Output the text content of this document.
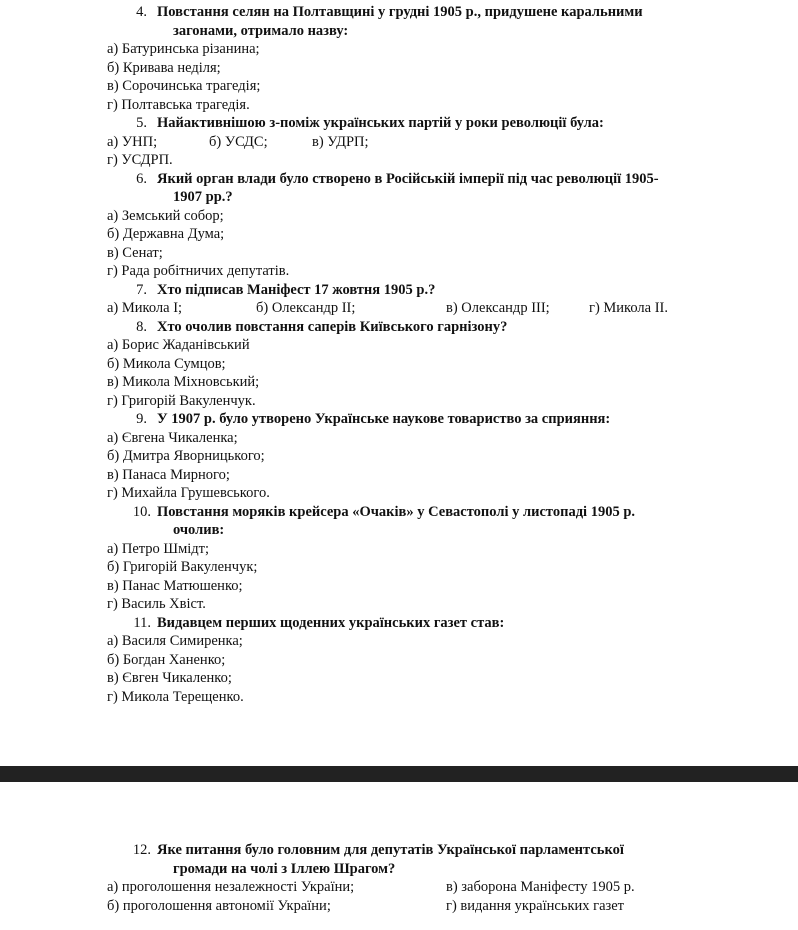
4. Повстання селян на Полтавщині у грудні 1905 р., придушене каральними
загонами, отримало назву:
а) Батуринська різанина;
б) Кривава неділя;
в) Сорочинська трагедія;
г) Полтавська трагедія.
5. Найактивнішою з-поміж українських партій у роки революції була:
а) УНП;	б) УСДС;	в) УДРП;
г) УСДРП.
6. Який орган влади було створено в Російській імперії під час революції 1905-
1907 рр.?
а) Земський собор;
б) Державна Дума;
в) Сенат;
г) Рада робітничих депутатів.
7. Хто підписав Маніфест 17 жовтня 1905 р.?
а) Микола I;	б) Олександр II;	в) Олександр III;	г) Микола II.
8. Хто очолив повстання саперів Київського гарнізону?
а) Борис Жаданівський
б) Микола Сумцов;
в) Микола Міхновський;
г) Григорій Вакуленчук.
9. У 1907 р. було утворено Українське наукове товариство за сприяння:
а) Євгена Чикаленка;
б) Дмитра Яворницького;
в) Панаса Мирного;
г) Михайла Грушевського.
10. Повстання моряків крейсера «Очаків» у Севастополі у листопаді 1905 р.
очолив:
а) Петро Шмідт;
б) Григорій Вакуленчук;
в) Панас Матюшенко;
г) Василь Хвіст.
11. Видавцем перших щоденних українських газет став:
а) Василя Симиренка;
б) Богдан Ханенко;
в) Євген Чикаленко;
г) Микола Терещенко.
12. Яке питання було головним для депутатів Української парламентської
громади на чолі з Іллею Шрагом?
а) проголошення незалежності України;	в) заборона Маніфесту 1905 р.
б) проголошення автономії України;	г) видання українських газет
